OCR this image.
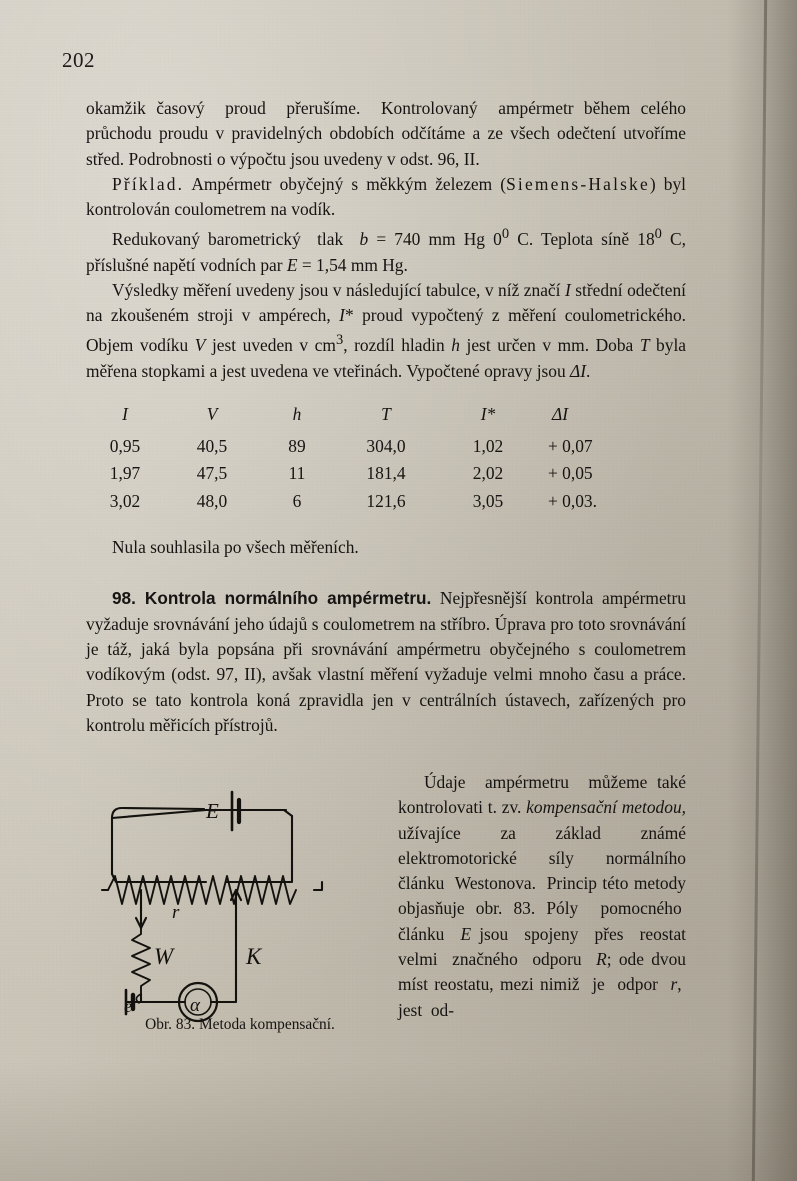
202

okamžik časový  proud  přerušíme.  Kontrolovaný  ampérmetr během celého průchodu proudu v pravidelných obdobích odčítáme a ze všech odečtení utvoříme střed. Podrobnosti o výpočtu jsou uvedeny v odst. 96, II.

Příklad. Ampérmetr obyčejný s měkkým železem (Siemens-Halske) byl kontrolován coulometrem na vodík.

Redukovaný barometrický  tlak  b = 740 mm Hg $0^0$ C. Teplota síně $18^0$ C, příslušné napětí vodních par E = 1,54 mm Hg.

Výsledky měření uvedeny jsou v následující tabulce, v níž značí I střední odečtení na zkoušeném stroji v ampérech, I* proud vypočtený z měření coulometrického. Objem vodíku V jest uveden v $cm^3$, rozdíl hladin h jest určen v mm. Doba T byla měřena stopkami a jest uvedena ve vteřinách. Vypočtené opravy jsou ΔI.

I	V	h	T	I*	ΔI
0,95	40,5	89	304,0	1,02	+ 0,07
1,97	47,5	11	181,4	2,02	+ 0,05
3,02	48,0	6	121,6	3,05	+ 0,03.

Nula souhlasila po všech měřeních.

98. Kontrola normálního ampérmetru. Nejpřesnější kontrola ampérmetru vyžaduje srovnávání jeho údajů s coulometrem na stříbro. Úprava pro toto srovnávání je táž, jaká byla popsána při srovnávání ampérmetru obyčejného s coulometrem vodíkovým (odst. 97, II), avšak vlastní měření vyžaduje velmi mnoho času a práce. Proto se tato kontrola koná zpravidla jen v centrálních ústavech, zařízených pro kontrolu měřicích přístrojů.

E
r
W	K
e	α
Obr. 83. Metoda kompensační.

Údaje  ampérmetru  můžeme také kontrolovati t. zv. kompensační metodou, užívajíce za základ známé elektromotorické  síly  normálního článku  Westonova.  Princip této metody objasňuje obr. 83. Póly  pomocného  článku  E jsou  spojeny  přes  reostat velmi  značného  odporu  R; ode dvou míst reostatu, mezi nimiž  je  odpor  r,  jest  od-
